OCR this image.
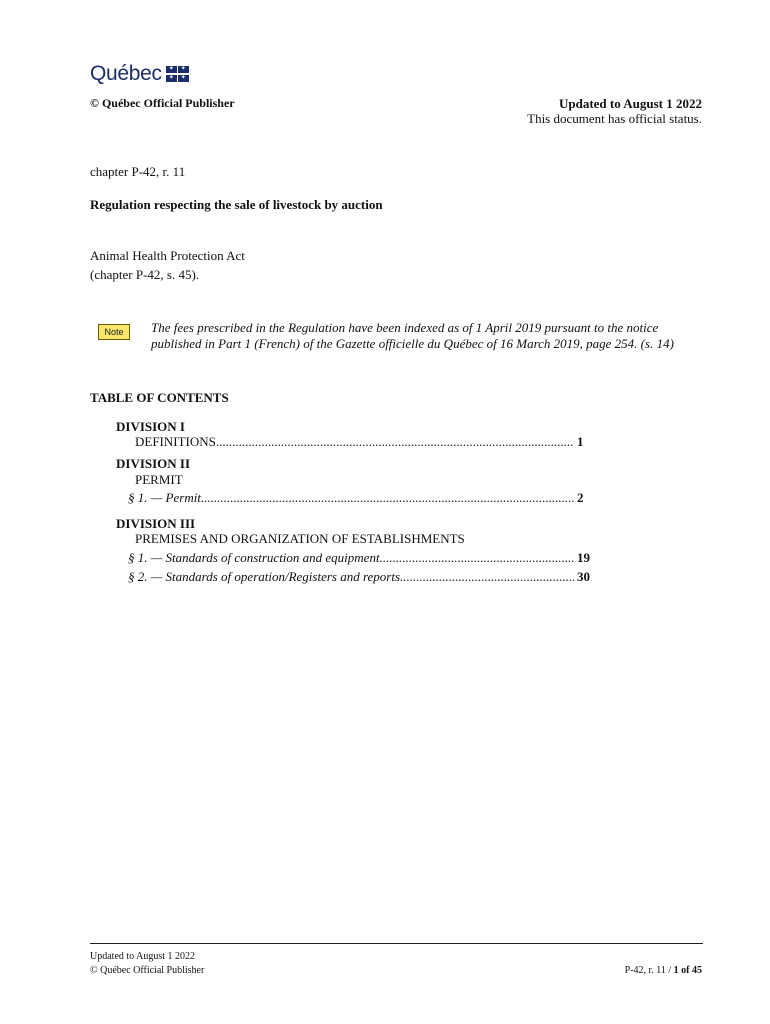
Québec ✦ ✦
✦ ✦
© Québec Official Publisher	Updated to August 1 2022
This document has official status.
chapter P-42, r. 11
Regulation respecting the sale of livestock by auction
Animal Health Protection Act
(chapter P-42, s. 45).
Note	The fees prescribed in the Regulation have been indexed as of 1 April 2019 pursuant to the notice published in Part 1 (French) of the Gazette officielle du Québec of 16 March 2019, page 254. (s. 14)
TABLE OF CONTENTS
DIVISION I
DEFINITIONS .....	1
DIVISION II
PERMIT
§ 1. — Permit .....	2
DIVISION III
PREMISES AND ORGANIZATION OF ESTABLISHMENTS
§ 1. — Standards of construction and equipment .....	19
§ 2. — Standards of operation/Registers and reports .....	30
Updated to August 1 2022
© Québec Official Publisher	P-42, r. 11 / 1 of 45
